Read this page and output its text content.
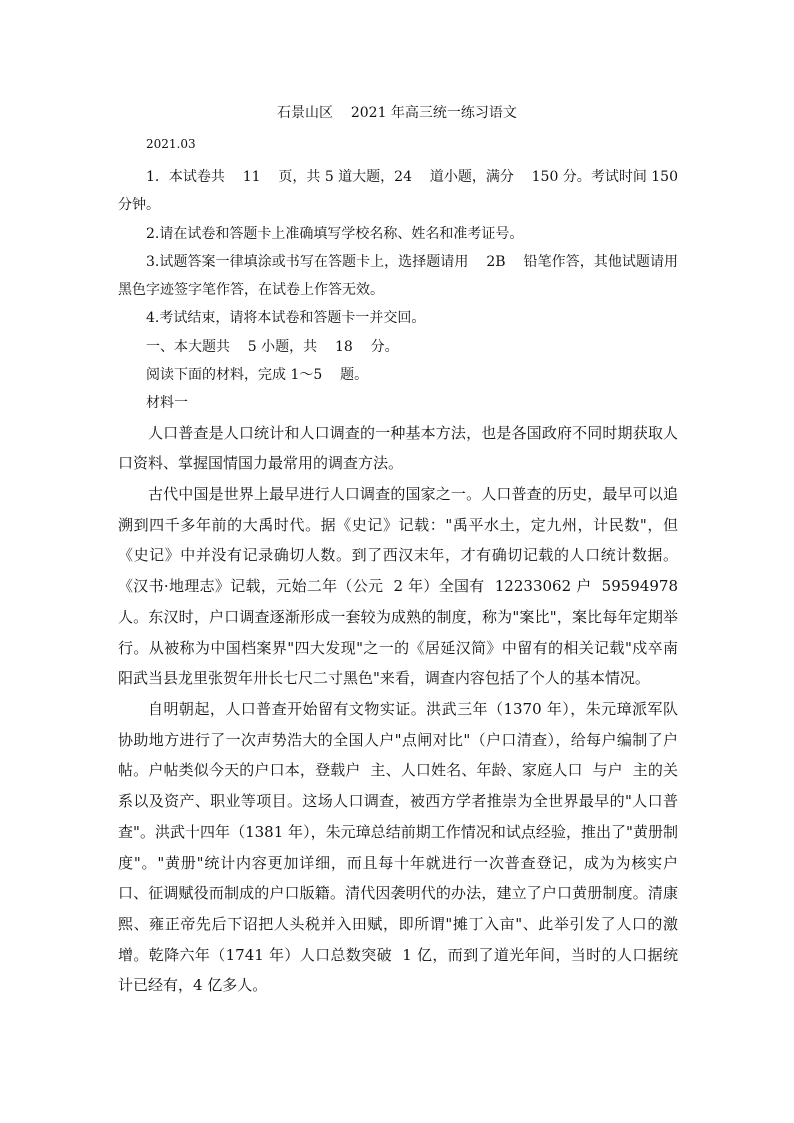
石景山区    2021 年高三统一练习语文
2021.03

1．本试卷共    11    页，共 5 道大题，24    道小题，满分    150 分。考试时间 150 分钟。

2.请在试卷和答题卡上准确填写学校名称、姓名和准考证号。

3.试题答案一律填涂或书写在答题卡上，选择题请用    2B    铅笔作答，其他试题请用黑色字迹签字笔作答，在试卷上作答无效。

4.考试结束，请将本试卷和答题卡一并交回。

一、本大题共    5 小题，共    18    分。

阅读下面的材料，完成 1～5    题。

材料一

人口普查是人口统计和人口调查的一种基本方法，也是各国政府不同时期获取人口资料、掌握国情国力最常用的调查方法。

古代中国是世界上最早进行人口调查的国家之一。人口普查的历史，最早可以追溯到四千多年前的大禹时代。据《史记》记载："禹平水土，定九州，计民数"，但《史记》中并没有记录确切人数。到了西汉末年，才有确切记载的人口统计数据。《汉书·地理志》记载，元始二年（公元  2 年）全国有  12233062 户  59594978  人。东汉时，户口调查逐渐形成一套较为成熟的制度，称为"案比"，案比每年定期举行。从被称为中国档案界"四大发现"之一的《居延汉简》中留有的相关记载"戍卒南阳武当县龙里张贺年卅长七尺二寸黑色"来看，调查内容包括了个人的基本情况。

自明朝起，人口普查开始留有文物实证。洪武三年（1370 年），朱元璋派军队协助地方进行了一次声势浩大的全国人户"点闸对比"（户口清查），给每户编制了户帖。户帖类似今天的户口本，登载户  主、人口姓名、年龄、家庭人口  与户  主的关系以及资产、职业等项目。这场人口调查，被西方学者推崇为全世界最早的"人口普查"。洪武十四年（1381 年），朱元璋总结前期工作情况和试点经验，推出了"黄册制度"。"黄册"统计内容更加详细，而且每十年就进行一次普查登记，成为为核实户口、征调赋役而制成的户口版籍。清代因袭明代的办法，建立了户口黄册制度。清康熙、雍正帝先后下诏把人头税并入田赋，即所谓"摊丁入亩"、此举引发了人口的激增。乾降六年（1741 年）人口总数突破  1 亿，而到了道光年间，当时的人口据统计已经有，4 亿多人。
